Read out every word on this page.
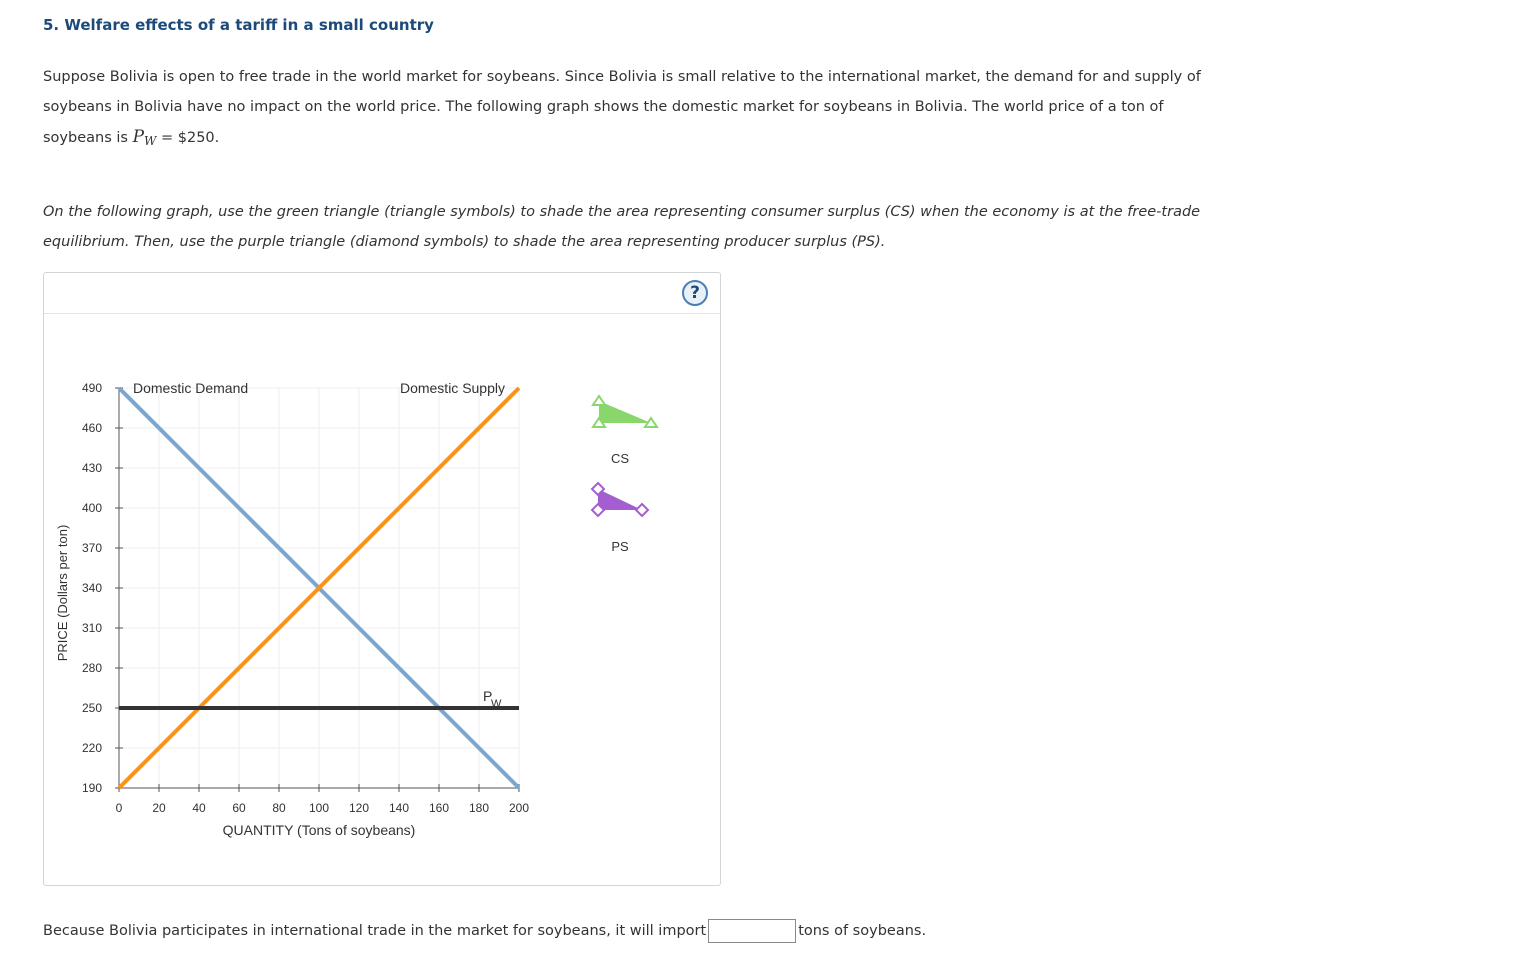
5. Welfare effects of a tariff in a small country

Suppose Bolivia is open to free trade in the world market for soybeans. Since Bolivia is small relative to the international market, the demand for and supply of soybeans in Bolivia have no impact on the world price. The following graph shows the domestic market for soybeans in Bolivia. The world price of a ton of soybeans is $P_W$ = $250.

On the following graph, use the green triangle (triangle symbols) to shade the area representing consumer surplus (CS) when the economy is at the free-trade equilibrium. Then, use the purple triangle (diamond symbols) to shade the area representing producer surplus (PS).

?
190
220
250
280
310
340
370
400
430
460
490
0 20 40 60 80 100 120 140 160 180 200
QUANTITY (Tons of soybeans)
PRICE (Dollars per ton)
Domestic Demand	Domestic Supply
P
W
CS
PS

Because Bolivia participates in international trade in the market for soybeans, it will import	tons of soybeans.
